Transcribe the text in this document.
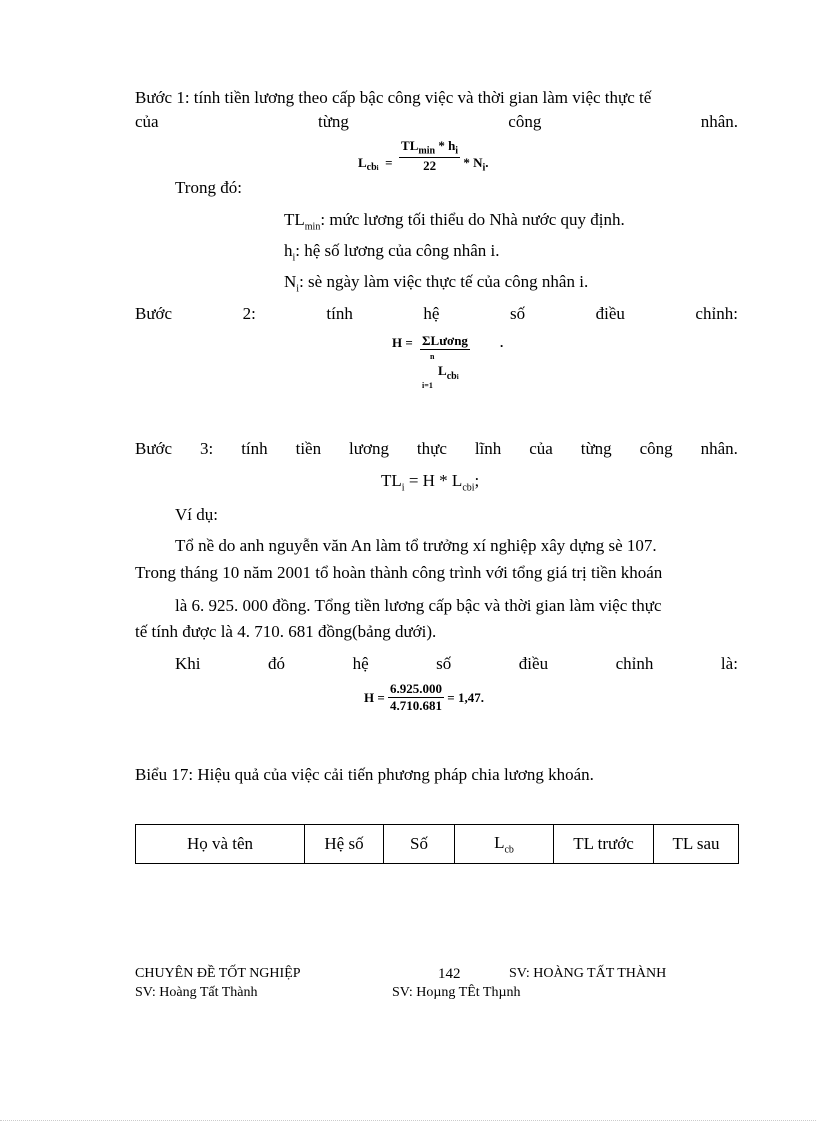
Bước 1: tính tiền lương theo cấp bậc công việc và thời gian làm việc thực tế
của	từng	công	nhân.
$L_{cbi} = \frac{TL_{min} * h_i}{22} * N_i$.
Trong đó:
$TL_{min}$: mức lương tối thiểu do Nhà nước quy định.
$h_i$: hệ số lương của công nhân i.
$N_i$: sè ngày làm việc thực tế của công nhân i.
Bước	2:	tính	hệ	số	điều	chỉnh:
H = ΣLương
n
$L_{cbi}$
i=1
.
Bước 3: tính tiền lương thực lĩnh của từng công nhân.
$TL_i = H * L_{cbi}$;
Ví dụ:
Tổ nề do anh nguyễn văn An làm tổ trưởng xí nghiệp xây dựng sè 107.
Trong tháng 10 năm 2001 tổ hoàn thành công trình với tổng giá trị tiền khoán
là 6. 925. 000 đồng. Tổng tiền lương cấp bậc và thời gian làm việc thực
tế tính được là 4. 710. 681 đồng(bảng dưới).
Khi	đó	hệ	số	điều	chỉnh	là:
H =
$\frac{6.925.000}{4.710.681}$
= 1,47.
Biểu 17: Hiệu quả của việc cải tiến phương pháp chia lương khoán.
Họ và tên	Hệ số	Số	$L_{cb}$	TL trước	TL sau
CHUYÊN ĐỀ TỐT NGHIỆP	142	SV: HOÀNG TẤT THÀNH
SV: Hoàng Tất Thành	SV: Hoµng TÊt Thµnh
